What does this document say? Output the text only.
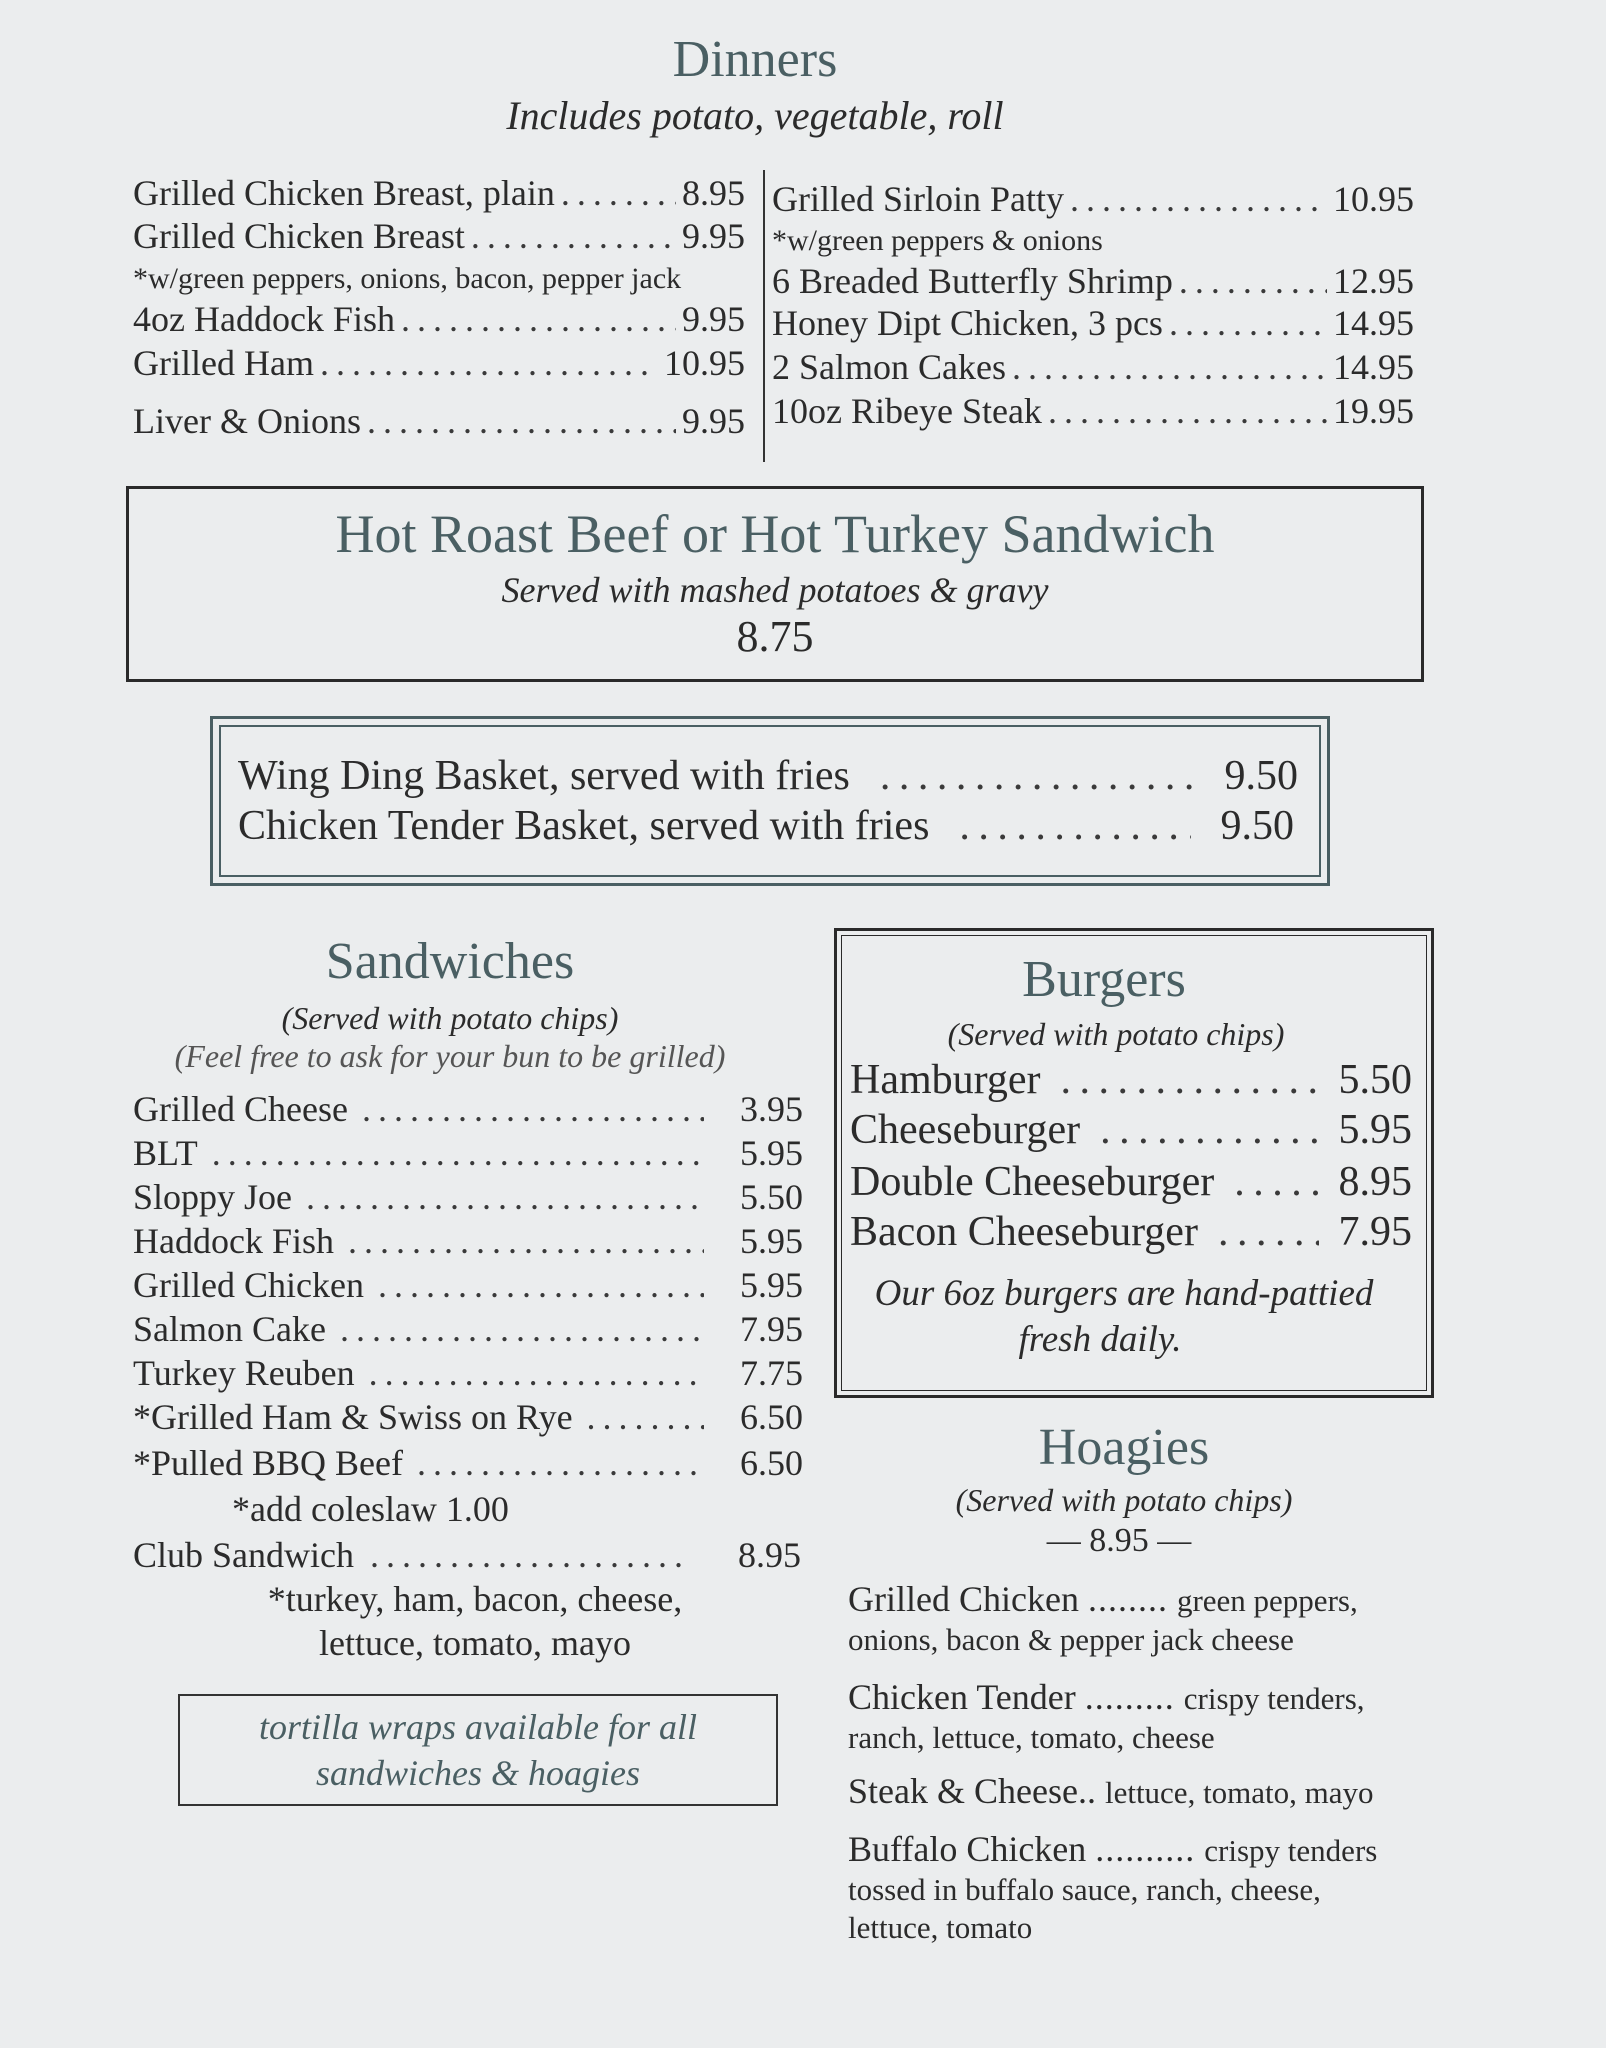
Dinners
Includes potato, vegetable, roll
Grilled Chicken Breast, plain . . .	8.95
Grilled Chicken Breast . . .	9.95
*w/green peppers, onions, bacon, pepper jack
4oz Haddock Fish . . .	9.95
Grilled Ham . . .	10.95
Liver & Onions . . .	9.95
Grilled Sirloin Patty . . .	10.95
*w/green peppers & onions
6 Breaded Butterfly Shrimp . . .	12.95
Honey Dipt Chicken, 3 pcs . . .	14.95
2 Salmon Cakes . . .	14.95
10oz Ribeye Steak . . .	19.95
Hot Roast Beef or Hot Turkey Sandwich
Served with mashed potatoes & gravy
8.75
Wing Ding Basket, served with fries . . .	9.50
Chicken Tender Basket, served with fries . . .	9.50
Sandwiches
(Served with potato chips)
(Feel free to ask for your bun to be grilled)
Grilled Cheese . . .	3.95
BLT . . .	5.95
Sloppy Joe . . .	5.50
Haddock Fish . . .	5.95
Grilled Chicken . . .	5.95
Salmon Cake . . .	7.95
Turkey Reuben . . .	7.75
*Grilled Ham & Swiss on Rye . . .	6.50
*Pulled BBQ Beef . . .	6.50
*add coleslaw 1.00
Club Sandwich . . .	8.95
*turkey, ham, bacon, cheese,
lettuce, tomato, mayo
tortilla wraps available for all
sandwiches & hoagies
Burgers
(Served with potato chips)
Hamburger . . .	5.50
Cheeseburger . . .	5.95
Double Cheeseburger . . .	8.95
Bacon Cheeseburger . . .	7.95
Our 6oz burgers are hand-pattied
fresh daily.
Hoagies
(Served with potato chips)
— 8.95 —
Grilled Chicken ........ green peppers,
onions, bacon & pepper jack cheese
Chicken Tender ......... crispy tenders,
ranch, lettuce, tomato, cheese
Steak & Cheese.. lettuce, tomato, mayo
Buffalo Chicken .......... crispy tenders
tossed in buffalo sauce, ranch, cheese,
lettuce, tomato
